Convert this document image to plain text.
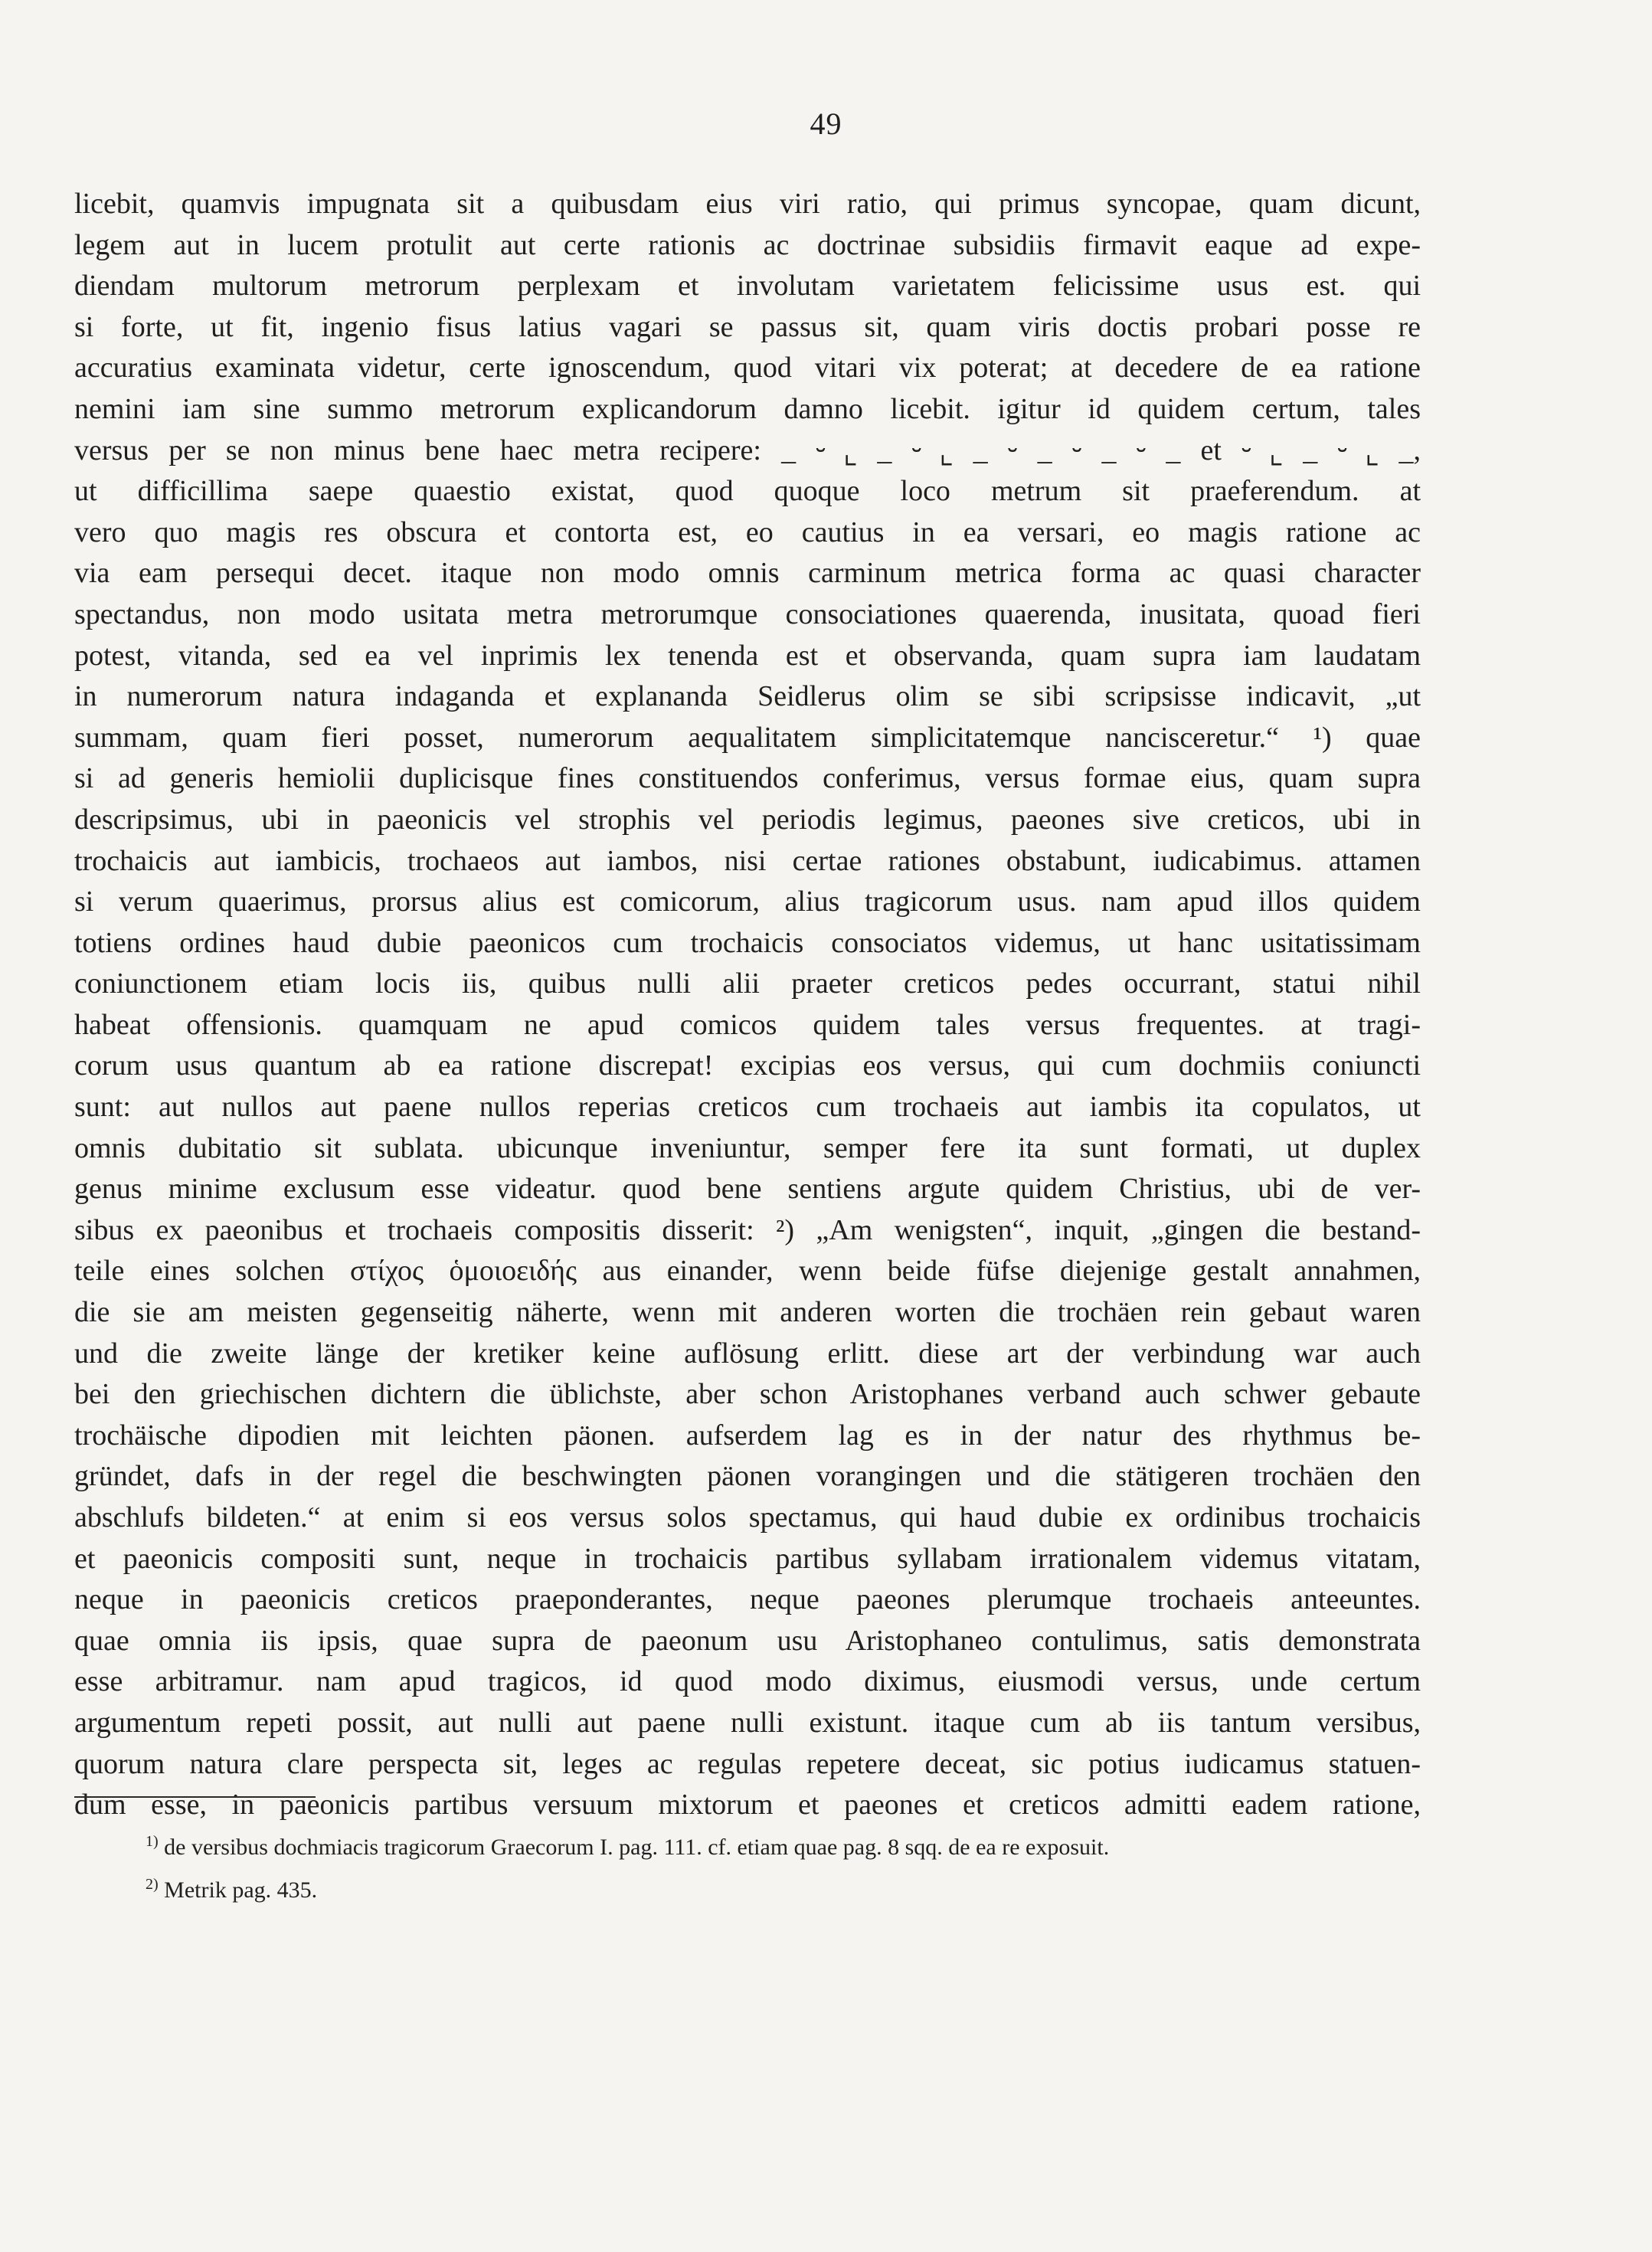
49
licebit, quamvis impugnata sit a quibusdam eius viri ratio, qui primus syncopae, quam dicunt,
legem aut in lucem protulit aut certe rationis ac doctrinae subsidiis firmavit eaque ad expe-
diendam multorum metrorum perplexam et involutam varietatem felicissime usus est. qui
si forte, ut fit, ingenio fisus latius vagari se passus sit, quam viris doctis probari posse re
accuratius examinata videtur, certe ignoscendum, quod vitari vix poterat; at decedere de ea ratione
nemini iam sine summo metrorum explicandorum damno licebit. igitur id quidem certum, tales
versus per se non minus bene haec metra recipere: _ ⏑ ⌞ _ ⏑ ⌞ _ ⏑ _ ⏑ _ ⏑ _ et ⏑ ⌞ _ ⏑ ⌞ _,
ut difficillima saepe quaestio existat, quod quoque loco metrum sit praeferendum. at
vero quo magis res obscura et contorta est, eo cautius in ea versari, eo magis ratione ac
via eam persequi decet. itaque non modo omnis carminum metrica forma ac quasi character
spectandus, non modo usitata metra metrorumque consociationes quaerenda, inusitata, quoad fieri
potest, vitanda, sed ea vel inprimis lex tenenda est et observanda, quam supra iam laudatam
in numerorum natura indaganda et explananda Seidlerus olim se sibi scripsisse indicavit, „ut
summam, quam fieri posset, numerorum aequalitatem simplicitatemque nancisceretur.“ ¹) quae
si ad generis hemiolii duplicisque fines constituendos conferimus, versus formae eius, quam supra
descripsimus, ubi in paeonicis vel strophis vel periodis legimus, paeones sive creticos, ubi in
trochaicis aut iambicis, trochaeos aut iambos, nisi certae rationes obstabunt, iudicabimus. attamen
si verum quaerimus, prorsus alius est comicorum, alius tragicorum usus. nam apud illos quidem
totiens ordines haud dubie paeonicos cum trochaicis consociatos videmus, ut hanc usitatissimam
coniunctionem etiam locis iis, quibus nulli alii praeter creticos pedes occurrant, statui nihil
habeat offensionis. quamquam ne apud comicos quidem tales versus frequentes. at tragi-
corum usus quantum ab ea ratione discrepat! excipias eos versus, qui cum dochmiis coniuncti
sunt: aut nullos aut paene nullos reperias creticos cum trochaeis aut iambis ita copulatos, ut
omnis dubitatio sit sublata. ubicunque inveniuntur, semper fere ita sunt formati, ut duplex
genus minime exclusum esse videatur. quod bene sentiens argute quidem Christius, ubi de ver-
sibus ex paeonibus et trochaeis compositis disserit: ²) „Am wenigsten“, inquit, „gingen die bestand-
teile eines solchen στίχος ὁμοιοειδής aus einander, wenn beide füfse diejenige gestalt annahmen,
die sie am meisten gegenseitig näherte, wenn mit anderen worten die trochäen rein gebaut waren
und die zweite länge der kretiker keine auflösung erlitt. diese art der verbindung war auch
bei den griechischen dichtern die üblichste, aber schon Aristophanes verband auch schwer gebaute
trochäische dipodien mit leichten päonen. aufserdem lag es in der natur des rhythmus be-
gründet, dafs in der regel die beschwingten päonen vorangingen und die stätigeren trochäen den
abschlufs bildeten.“ at enim si eos versus solos spectamus, qui haud dubie ex ordinibus trochaicis
et paeonicis compositi sunt, neque in trochaicis partibus syllabam irrationalem videmus vitatam,
neque in paeonicis creticos praeponderantes, neque paeones plerumque trochaeis anteeuntes.
quae omnia iis ipsis, quae supra de paeonum usu Aristophaneo contulimus, satis demonstrata
esse arbitramur. nam apud tragicos, id quod modo diximus, eiusmodi versus, unde certum
argumentum repeti possit, aut nulli aut paene nulli existunt. itaque cum ab iis tantum versibus,
quorum natura clare perspecta sit, leges ac regulas repetere deceat, sic potius iudicamus statuen-
dum esse, in paeonicis partibus versuum mixtorum et paeones et creticos admitti eadem ratione,
$^{1)}$ de versibus dochmiacis tragicorum Graecorum I. pag. 111. cf. etiam quae pag. 8 sqq. de ea re exposuit.
$^{2)}$ Metrik pag. 435.
